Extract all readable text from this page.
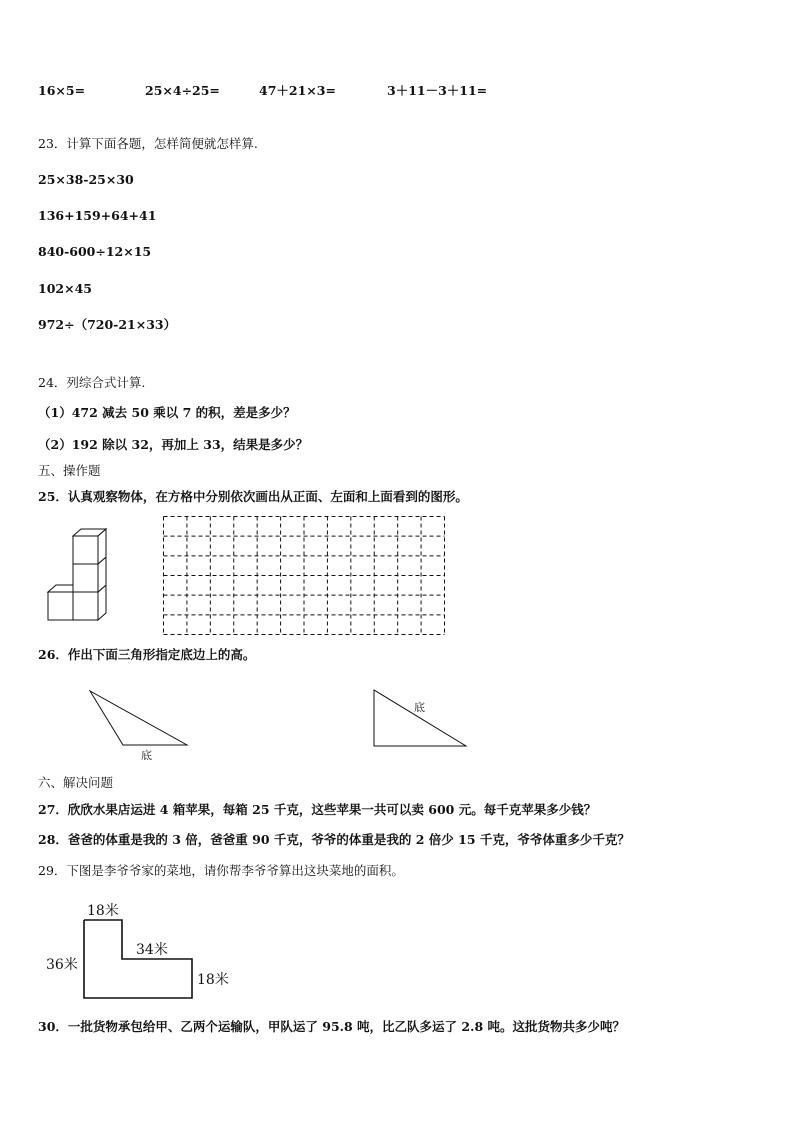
16×5=	25×4÷25=	47＋21×3=	3＋11－3＋11=
23．计算下面各题，怎样简便就怎样算.
25×38-25×30
136+159+64+41
840-600÷12×15
102×45
972÷（720-21×33）
24．列综合式计算.
（1）472 减去 50 乘以 7 的积，差是多少？
（2）192 除以 32，再加上 33，结果是多少？
五、操作题
25．认真观察物体，在方格中分别依次画出从正面、左面和上面看到的图形。
26．作出下面三角形指定底边上的高。
底
底
六、解决问题
27．欣欣水果店运进 4 箱苹果，每箱 25 千克，这些苹果一共可以卖 600 元。每千克苹果多少钱？
28．爸爸的体重是我的 3 倍，爸爸重 90 千克，爷爷的体重是我的 2 倍少 15 千克，爷爷体重多少千克？
29．下图是李爷爷家的菜地，请你帮李爷爷算出这块菜地的面积。
18米
34米
36米
18米
30．一批货物承包给甲、乙两个运输队，甲队运了 95.8 吨，比乙队多运了 2.8 吨。这批货物共多少吨？
